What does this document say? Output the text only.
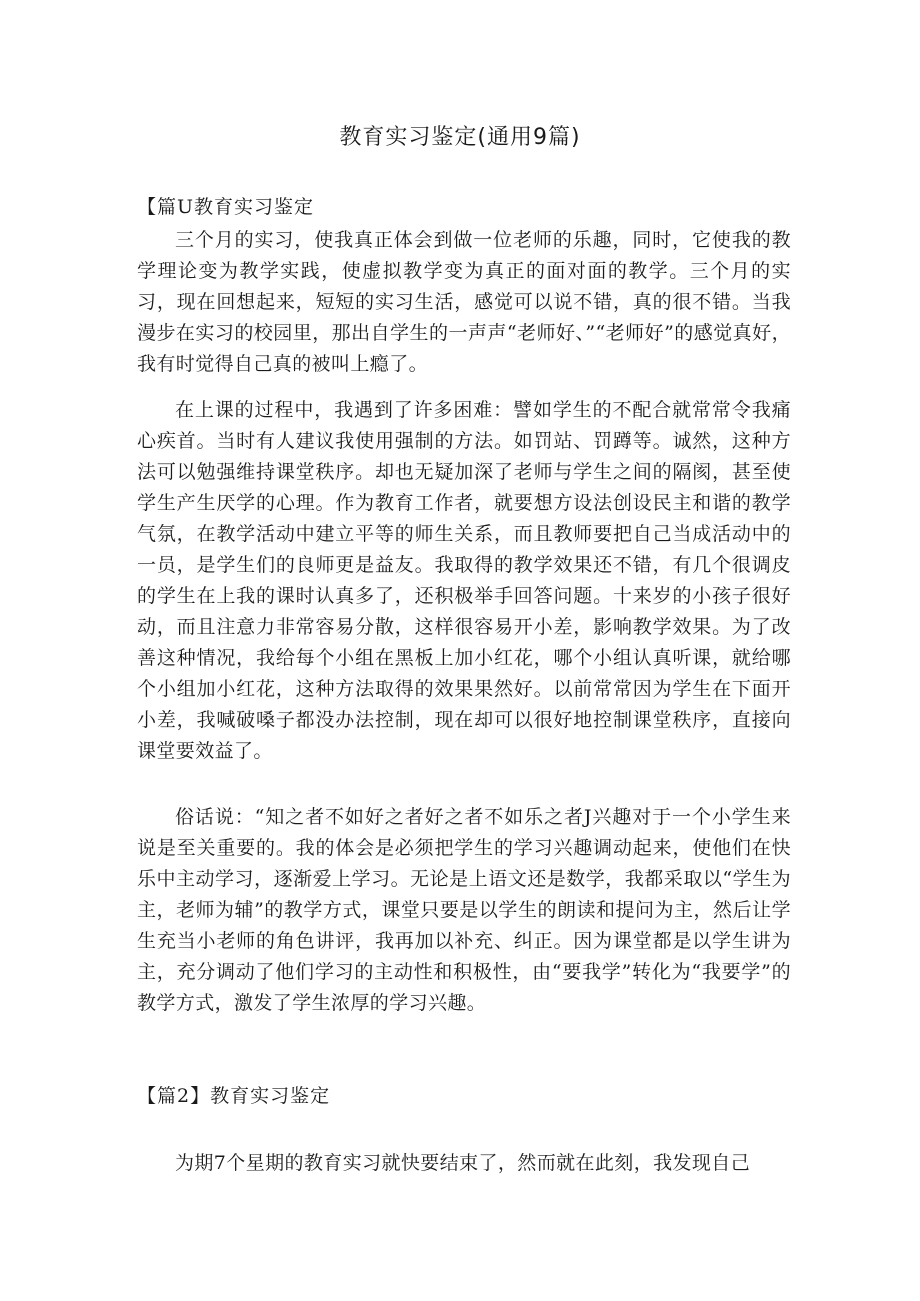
教育实习鉴定(通用9篇)
【篇U教育实习鉴定

三个月的实习，使我真正体会到做一位老师的乐趣，同时，它使我的教学理论变为教学实践，使虚拟教学变为真正的面对面的教学。三个月的实习，现在回想起来，短短的实习生活，感觉可以说不错，真的很不错。当我漫步在实习的校园里，那出自学生的一声声“老师好、”“老师好”的感觉真好，我有时觉得自己真的被叫上瘾了。

在上课的过程中，我遇到了许多困难：譬如学生的不配合就常常令我痛心疾首。当时有人建议我使用强制的方法。如罚站、罚蹲等。诚然，这种方法可以勉强维持课堂秩序。却也无疑加深了老师与学生之间的隔阂，甚至使学生产生厌学的心理。作为教育工作者，就要想方设法创设民主和谐的教学气氛，在教学活动中建立平等的师生关系，而且教师要把自己当成活动中的一员，是学生们的良师更是益友。我取得的教学效果还不错，有几个很调皮的学生在上我的课时认真多了，还积极举手回答问题。十来岁的小孩子很好动，而且注意力非常容易分散，这样很容易开小差，影响教学效果。为了改善这种情况，我给每个小组在黑板上加小红花，哪个小组认真听课，就给哪个小组加小红花，这种方法取得的效果果然好。以前常常因为学生在下面开小差，我喊破嗓子都没办法控制，现在却可以很好地控制课堂秩序，直接向课堂要效益了。

俗话说：“知之者不如好之者好之者不如乐之者J兴趣对于一个小学生来说是至关重要的。我的体会是必须把学生的学习兴趣调动起来，使他们在快乐中主动学习，逐渐爱上学习。无论是上语文还是数学，我都采取以“学生为主，老师为辅”的教学方式，课堂只要是以学生的朗读和提问为主，然后让学生充当小老师的角色讲评，我再加以补充、纠正。因为课堂都是以学生讲为主，充分调动了他们学习的主动性和积极性，由“要我学”转化为“我要学”的教学方式，激发了学生浓厚的学习兴趣。

【篇2】教育实习鉴定

为期7个星期的教育实习就快要结束了，然而就在此刻，我发现自己
